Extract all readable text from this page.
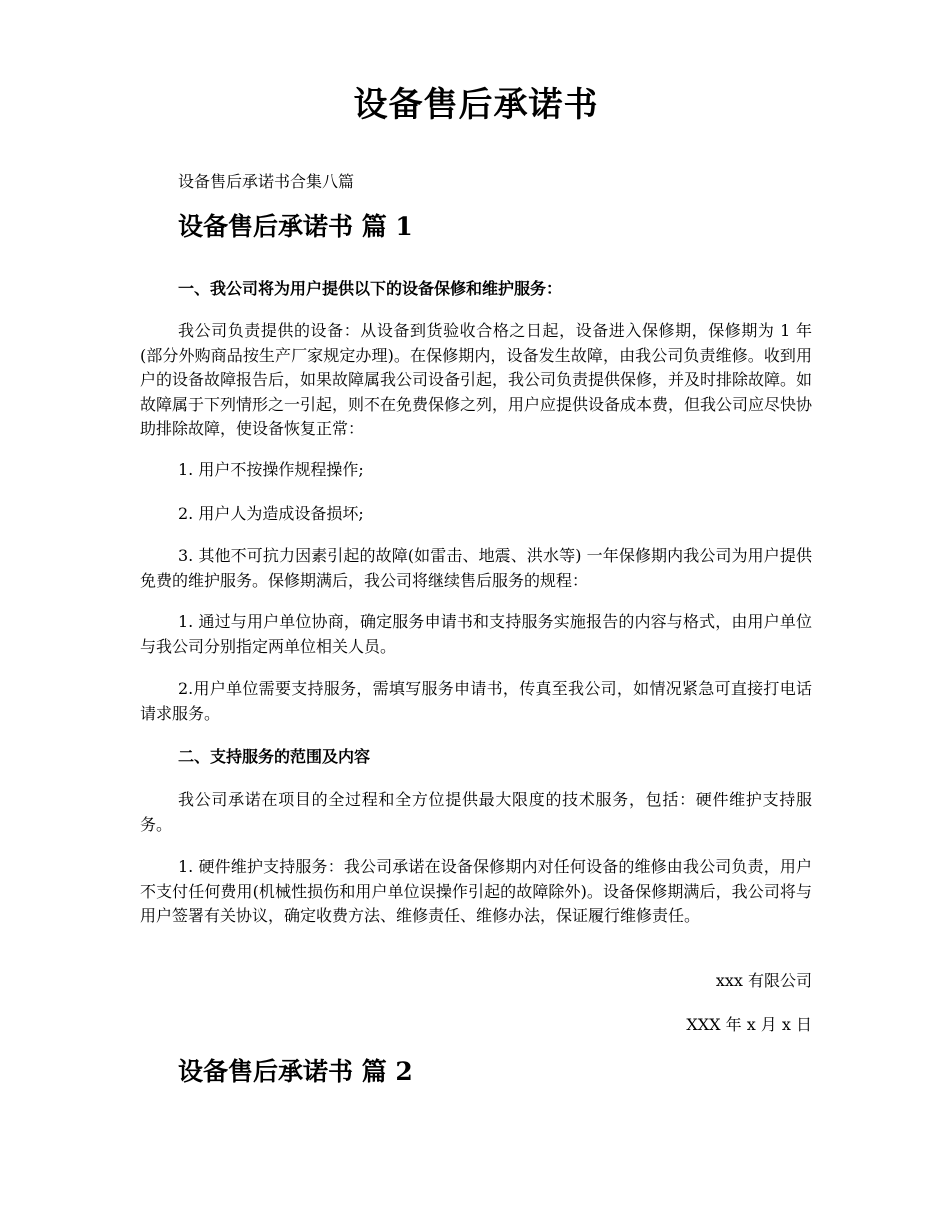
设备售后承诺书

设备售后承诺书合集八篇

设备售后承诺书 篇 1

一、我公司将为用户提供以下的设备保修和维护服务：

我公司负责提供的设备：从设备到货验收合格之日起，设备进入保修期，保修期为 1 年(部分外购商品按生产厂家规定办理)。在保修期内，设备发生故障，由我公司负责维修。收到用户的设备故障报告后，如果故障属我公司设备引起，我公司负责提供保修，并及时排除故障。如故障属于下列情形之一引起，则不在免费保修之列，用户应提供设备成本费，但我公司应尽快协助排除故障，使设备恢复正常：

1. 用户不按操作规程操作;

2. 用户人为造成设备损坏;

3. 其他不可抗力因素引起的故障(如雷击、地震、洪水等) 一年保修期内我公司为用户提供免费的维护服务。保修期满后，我公司将继续售后服务的规程：

1. 通过与用户单位协商，确定服务申请书和支持服务实施报告的内容与格式，由用户单位与我公司分别指定两单位相关人员。

2.用户单位需要支持服务，需填写服务申请书，传真至我公司，如情况紧急可直接打电话请求服务。

二、支持服务的范围及内容

我公司承诺在项目的全过程和全方位提供最大限度的技术服务，包括：硬件维护支持服务。

1. 硬件维护支持服务：我公司承诺在设备保修期内对任何设备的维修由我公司负责，用户不支付任何费用(机械性损伤和用户单位误操作引起的故障除外)。设备保修期满后，我公司将与用户签署有关协议，确定收费方法、维修责任、维修办法，保证履行维修责任。

xxx 有限公司

XXX 年 x 月 x 日

设备售后承诺书 篇 2
